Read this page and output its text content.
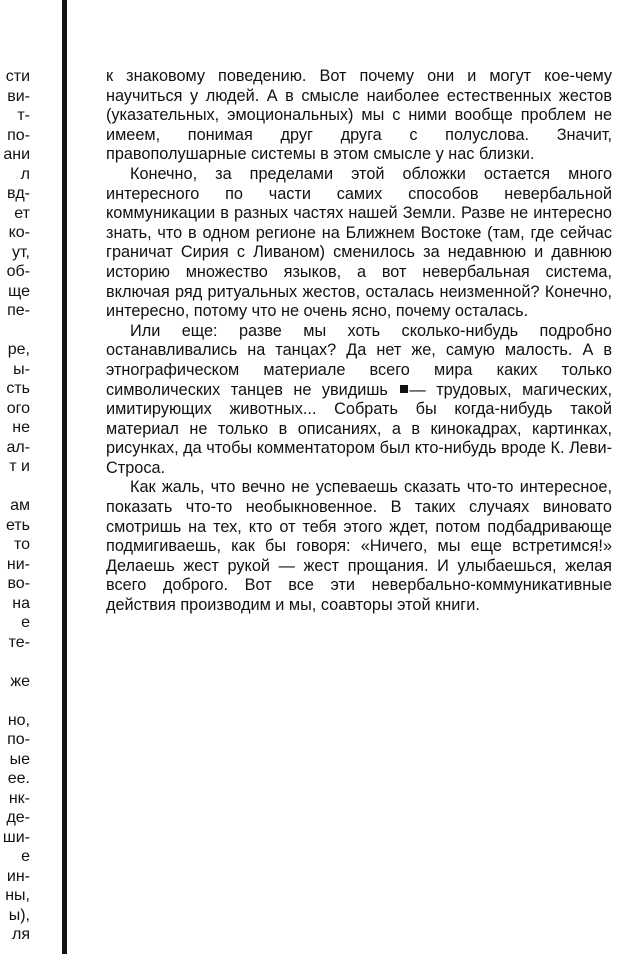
сти
ви-
т-
по-
ани
л
вд-
ет
ко-
ут,
об-
ще
пе-
ре,
ы-
сть
ого
не
ал-
т и
ам
еть
то
ни-
во-
на
е
те-
же
но,
по-
ые
ее.
нк-
де-
ши-
е
ин-
ны,
ы),
ля

к знаковому поведению. Вот почему они и могут кое-чему научиться у людей. А в смысле наиболее естественных жестов (указательных, эмоциональных) мы с ними вообще проблем не имеем, понимая друг друга с полуслова. Значит, правополушарные системы в этом смысле у нас близки.

Конечно, за пределами этой обложки остается много интересного по части самих способов невербальной коммуникации в разных частях нашей Земли. Разве не интересно знать, что в одном регионе на Ближнем Востоке (там, где сейчас граничат Сирия с Ливаном) сменилось за недавнюю и давнюю историю множество языков, а вот невербальная система, включая ряд ритуальных жестов, осталась неизменной? Конечно, интересно, потому что не очень ясно, почему осталась.

Или еще: разве мы хоть сколько-нибудь подробно останавливались на танцах? Да нет же, самую малость. А в этнографическом материале всего мира каких только символических танцев не увидишь — трудовых, магических, имитирующих животных... Собрать бы когда-нибудь такой материал не только в описаниях, а в кинокадрах, картинках, рисунках, да чтобы комментатором был кто-нибудь вроде К. Леви-Строса.

Как жаль, что вечно не успеваешь сказать что-то интересное, показать что-то необыкновенное. В таких случаях виновато смотришь на тех, кто от тебя этого ждет, потом подбадривающе подмигиваешь, как бы говоря: «Ничего, мы еще встретимся!» Делаешь жест рукой — жест прощания. И улыбаешься, желая всего доброго. Вот все эти невербально-коммуникативные действия производим и мы, соавторы этой книги.
